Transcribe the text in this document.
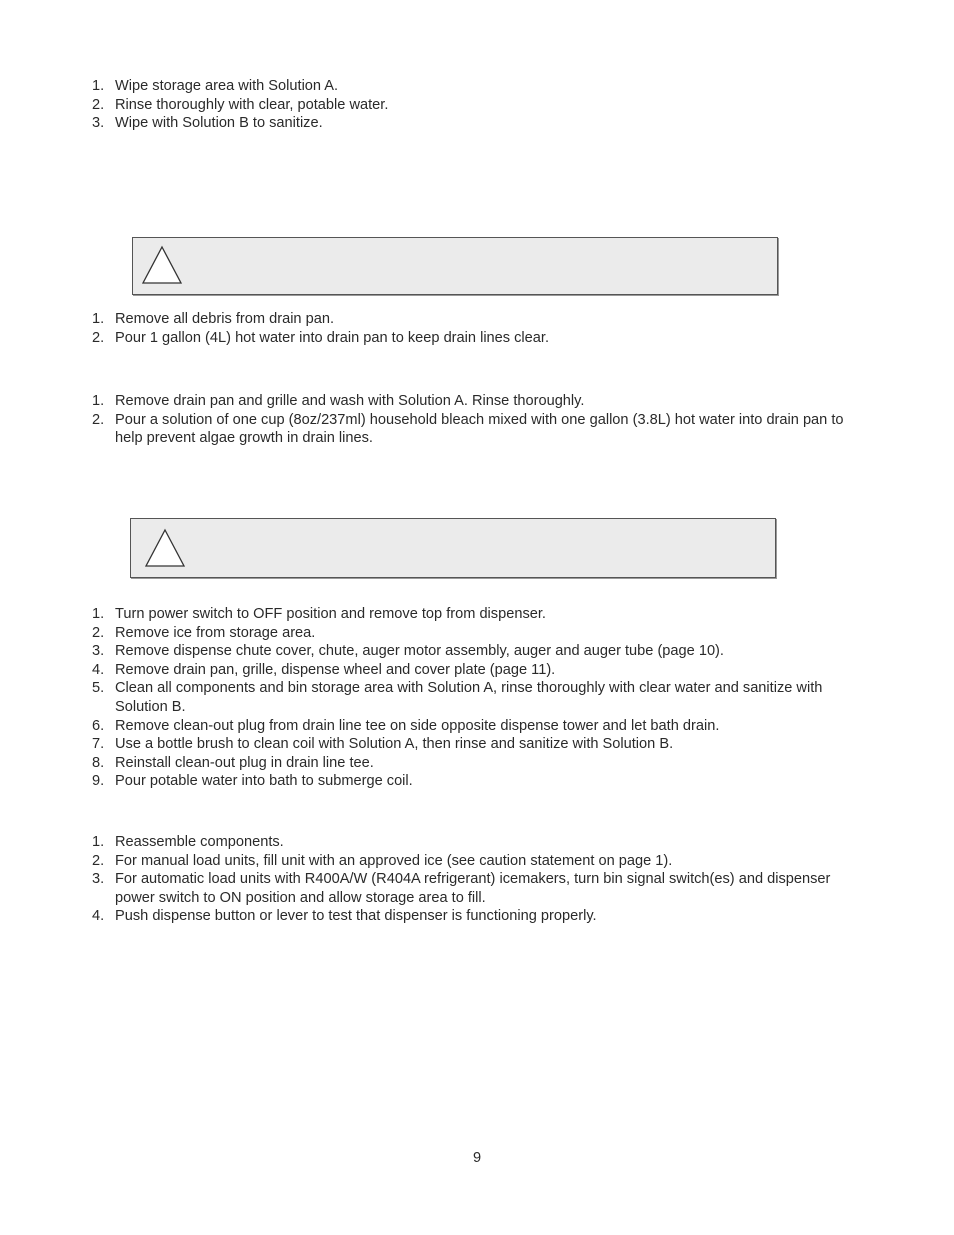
1. Wipe storage area with Solution A.
2. Rinse thoroughly with clear, potable water.
3. Wipe with Solution B to sanitize.
1. Remove all debris from drain pan.
2. Pour 1 gallon (4L) hot water into drain pan to keep drain lines clear.
1. Remove drain pan and grille and wash with Solution A. Rinse thoroughly.
2. Pour a solution of one cup (8oz/237ml) household bleach mixed with one gallon (3.8L) hot water into drain pan to help prevent algae growth in drain lines.
1. Turn power switch to OFF position and remove top from dispenser.
2. Remove ice from storage area.
3. Remove dispense chute cover, chute, auger motor assembly, auger and auger tube (page 10).
4. Remove drain pan, grille, dispense wheel and cover plate (page 11).
5. Clean all components and bin storage area with Solution A, rinse thoroughly with clear water and sanitize with Solution B.
6. Remove clean-out plug from drain line tee on side opposite dispense tower and let bath drain.
7. Use a bottle brush to clean coil with Solution A, then rinse and sanitize with Solution B.
8. Reinstall clean-out plug in drain line tee.
9. Pour potable water into bath to submerge coil.
1. Reassemble components.
2. For manual load units, fill unit with an approved ice (see caution statement on page 1).
3. For automatic load units with R400A/W (R404A refrigerant) icemakers, turn bin signal switch(es) and dispenser power switch to ON position and allow storage area to fill.
4. Push dispense button or lever to test that dispenser is functioning properly.
9
